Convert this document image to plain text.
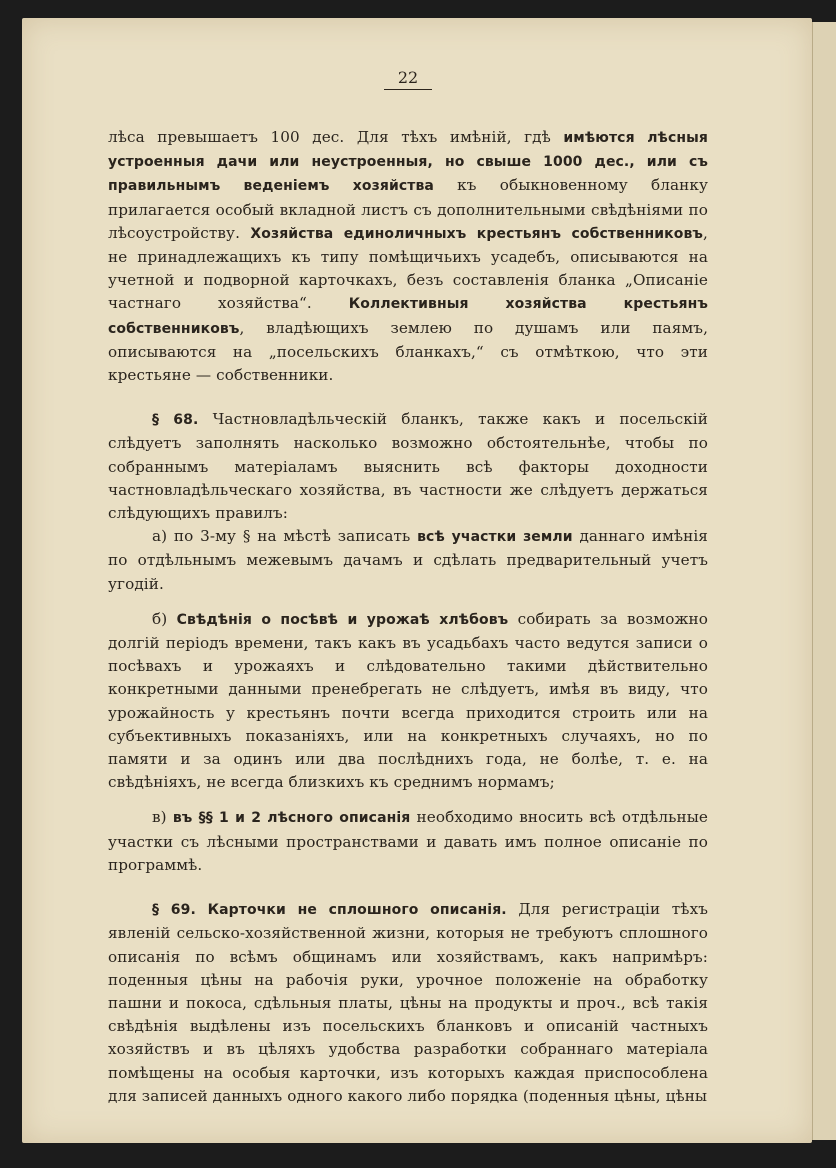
22

лѣса превышаетъ 100 дес. Для тѣхъ имѣній, гдѣ имѣются лѣсныя устроенныя дачи или неустроенныя, но свыше 1000 дес., или съ правильнымъ веденіемъ хозяйства къ обыкновенному бланку прилагается особый вкладной листъ съ дополнительными свѣдѣніями по лѣсоустройству. Хозяйства единоличныхъ крестьянъ собственниковъ, не принадлежащихъ къ типу помѣщичьихъ усадебъ, описываются на учетной и подворной карточкахъ, безъ составленія бланка „Описаніе частнаго хозяйства“. Коллективныя хозяйства крестьянъ собственниковъ, владѣющихъ землею по душамъ или паямъ, описываются на „посельскихъ бланкахъ,“ съ отмѣткою, что эти крестьяне — собственники.

§ 68. Частновладѣльческій бланкъ, также какъ и посельскій слѣдуетъ заполнять насколько возможно обстоятельнѣе, чтобы по собраннымъ матеріаламъ выяснить всѣ факторы доходности частновладѣльческаго хозяйства, въ частности же слѣдуетъ держаться слѣдующихъ правилъ:

а) по 3-му § на мѣстѣ записать всѣ участки земли даннаго имѣнія по отдѣльнымъ межевымъ дачамъ и сдѣлать предварительный учетъ угодій.

б) Свѣдѣнія о посѣвѣ и урожаѣ хлѣбовъ собирать за возможно долгій періодъ времени, такъ какъ въ усадьбахъ часто ведутся записи о посѣвахъ и урожаяхъ и слѣдовательно такими дѣйствительно конкретными данными пренебрегать не слѣдуетъ, имѣя въ виду, что урожайность у крестьянъ почти всегда приходится строить или на субъективныхъ показаніяхъ, или на конкретныхъ случаяхъ, но по памяти и за одинъ или два послѣднихъ года, не болѣе, т. е. на свѣдѣніяхъ, не всегда близкихъ къ среднимъ нормамъ;

в) въ §§ 1 и 2 лѣсного описанія необходимо вносить всѣ отдѣльные участки съ лѣсными пространствами и давать имъ полное описаніе по программѣ.

§ 69. Карточки не сплошного описанія. Для регистраціи тѣхъ явленій сельско-хозяйственной жизни, которыя не требуютъ сплошного описанія по всѣмъ общинамъ или хозяйствамъ, какъ напримѣръ: поденныя цѣны на рабочія руки, урочное положеніе на обработку пашни и покоса, сдѣльныя платы, цѣны на продукты и проч., всѣ такія свѣдѣнія выдѣлены изъ посельскихъ бланковъ и описаній частныхъ хозяйствъ и въ цѣляхъ удобства разработки собраннаго матеріала помѣщены на особыя карточки, изъ которыхъ каждая приспособлена для записей данныхъ одного какого либо порядка (поденныя цѣны, цѣны
